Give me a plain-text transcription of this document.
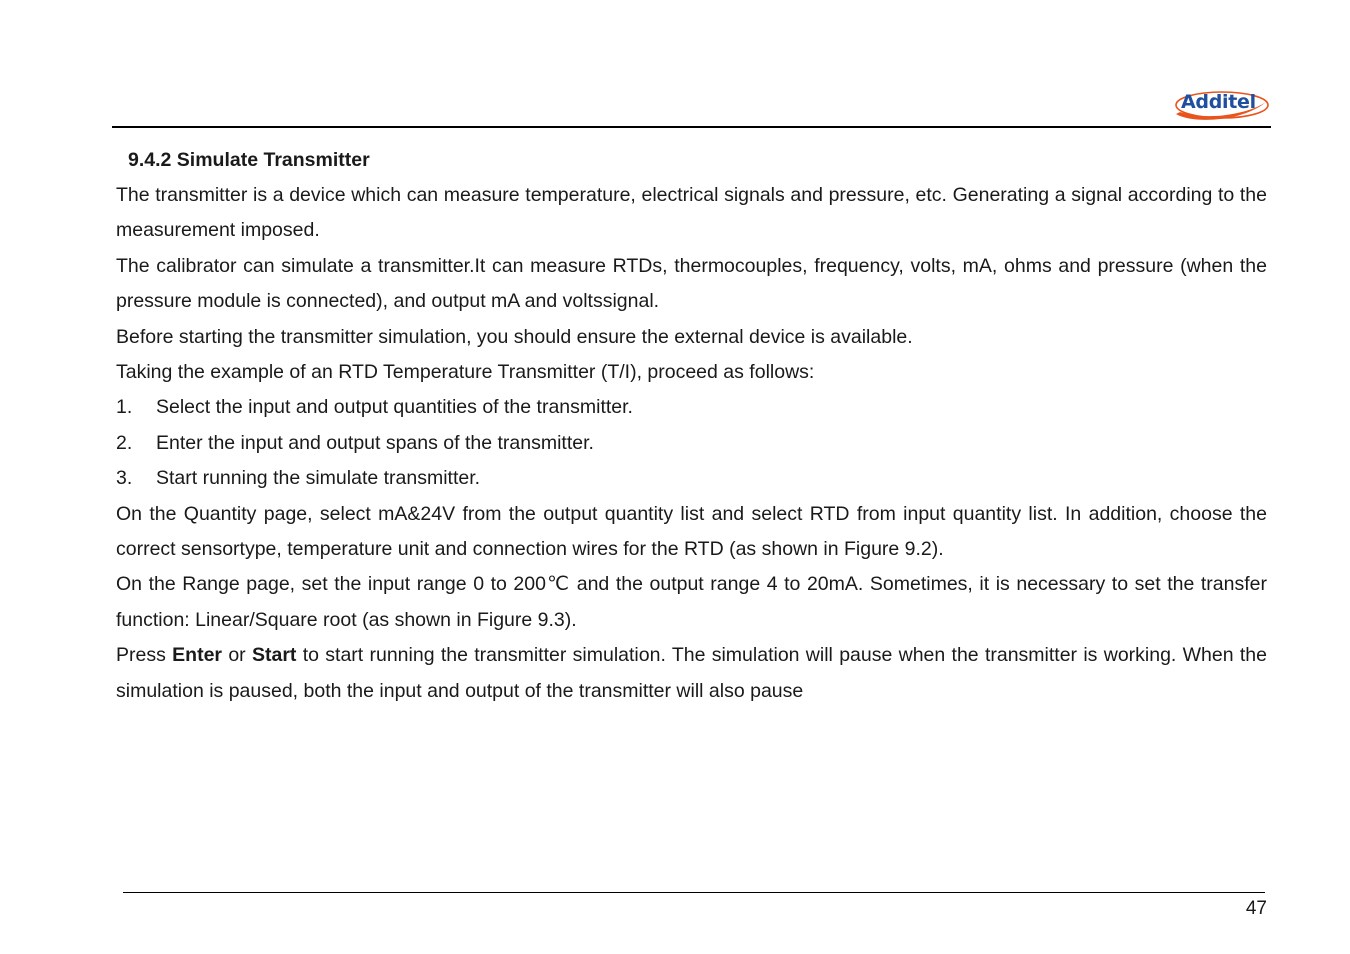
Additel

9.4.2 Simulate Transmitter

The transmitter is a device which can measure temperature, electrical signals and pressure, etc. Generating a signal according to the measurement imposed.

The calibrator can simulate a transmitter.It can measure RTDs, thermocouples, frequency, volts, mA, ohms and pressure (when the pressure module is connected), and output mA and voltssignal.

Before starting the transmitter simulation, you should ensure the external device is available.

Taking the example of an RTD Temperature Transmitter (T/I), proceed as follows:

1.	Select the input and output quantities of the transmitter.
2.	Enter the input and output spans of the transmitter.
3.	Start running the simulate transmitter.

On the Quantity page, select mA&24V from the output quantity list and select RTD from input quantity list. In addition, choose the correct sensortype, temperature unit and connection wires for the RTD (as shown in Figure 9.2).

On the Range page, set the input range 0 to 200℃ and the output range 4 to 20mA. Sometimes, it is necessary to set the transfer function: Linear/Square root (as shown in Figure 9.3).

Press Enter or Start to start running the transmitter simulation. The simulation will pause when the transmitter is working. When the simulation is paused, both the input and output of the transmitter will also pause

47
